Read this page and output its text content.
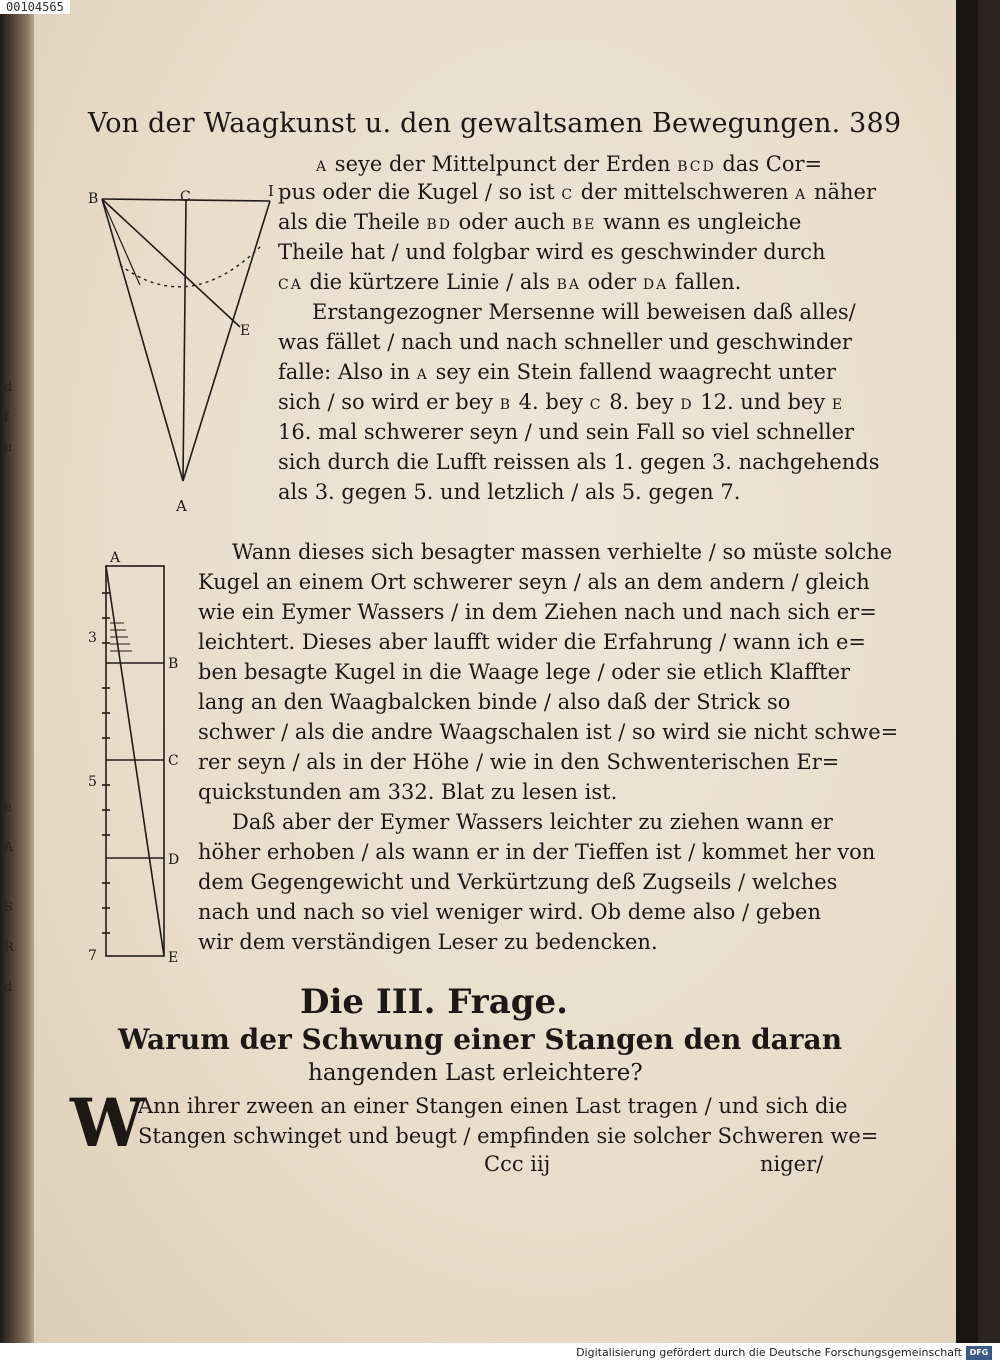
d
f
u
e
A
S
R
d
00104565
Von der Waagkunst u. den gewaltsamen Bewegungen. 389
B	C
E
A
I
A seye der Mittelpunct der Erden BCD das Cor=
pus oder die Kugel / so ist C der mittelschweren A näher
als die Theile BD oder auch BE wann es ungleiche
Theile hat / und folgbar wird es geschwinder durch
CA die kürtzere Linie / als BA oder DA fallen.
Erstangezogner Mersenne will beweisen daß alles/
was fället / nach und nach schneller und geschwinder
falle: Also in A sey ein Stein fallend waagrecht unter
sich / so wird er bey B 4. bey C 8. bey D 12. und bey E
16. mal schwerer seyn / und sein Fall so viel schneller
sich durch die Lufft reissen als 1. gegen 3. nachgehends
als 3. gegen 5. und letzlich / als 5. gegen 7.
A
B
C
D
E
3
5
7
Wann dieses sich besagter massen verhielte / so müste solche
Kugel an einem Ort schwerer seyn / als an dem andern / gleich
wie ein Eymer Wassers / in dem Ziehen nach und nach sich er=
leichtert. Dieses aber laufft wider die Erfahrung / wann ich e=
ben besagte Kugel in die Waage lege / oder sie etlich Klaffter
lang an den Waagbalcken binde / also daß der Strick so
schwer / als die andre Waagschalen ist / so wird sie nicht schwe=
rer seyn / als in der Höhe / wie in den Schwenterischen Er=
quickstunden am 332. Blat zu lesen ist.
Daß aber der Eymer Wassers leichter zu ziehen wann er
höher erhoben / als wann er in der Tieffen ist / kommet her von
dem Gegengewicht und Verkürtzung deß Zugseils / welches
nach und nach so viel weniger wird. Ob deme also / geben
wir dem verständigen Leser zu bedencken.
Die III. Frage.
Warum der Schwung einer Stangen den daran
hangenden Last erleichtere?
W
Ann ihrer zween an einer Stangen einen Last tragen / und sich die
Stangen schwinget und beugt / empfinden sie solcher Schweren we=
Ccc iij	niger/
Digitalisierung gefördert durch die Deutsche Forschungsgemeinschaft DFG
